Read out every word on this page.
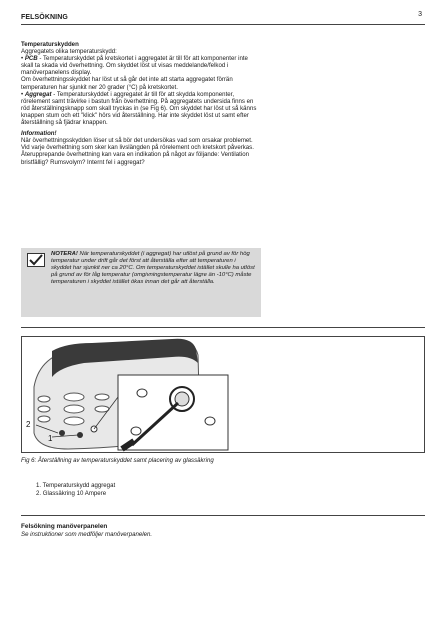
3
FELSÖKNING

Temperaturskydden

Aggregatets olika temperaturskydd:

• PCB - Temperaturskyddet på kretskortet i aggregatet är till för att komponenter inte skall ta skada vid överhettning. Om skyddet löst ut visas meddelande/felkod i manöverpanelens display.

Om överhettningsskyddet har löst ut så går det inte att starta aggregatet förrän temperaturen har sjunkit ner 20 grader (°C) på kretskortet.

• Aggregat - Temperaturskyddet i aggregatet är till för att skydda komponenter, rörelement samt trävirke i bastun från överhettning. På aggregatets undersida finns en röd återställningsknapp som skall tryckas in (se Fig 6). Om skyddet har löst ut så känns knappen stum och ett "klick" hörs vid återställning. Har inte skyddet löst ut samt efter återställning så fjädrar knappen.

Information!

När överhettningsskydden löser ut så bör det undersökas vad som orsakar problemet. Vid varje överhettning som sker kan livslängden på rörelement och kretskort påverkas. Återupprepande överhettning kan vara en indikation på något av följande: Ventilation bristfällig? Rumsvolym? Internt fel i aggregat?

NOTERA! När temperaturskyddet (i aggregat) har utlöst på grund av för hög temperatur under drift går det först att återställa efter att temperaturen i skyddet har sjunkit ner ca 20°C. Om temperaturskyddet istället skulle ha utlöst på grund av för låg temperatur (omgivningstemperatur lägre än -10°C) måste temperaturen i skyddet istället ökas innan det går att återställa.
2
1
Fig 6: Återställning av temperaturskyddet samt placering av glassäkring
1. Temperaturskydd aggregat
2. Glassäkring 10 Ampere
Felsökning manöverpanelen
Se instruktioner som medföljer manöverpanelen.
